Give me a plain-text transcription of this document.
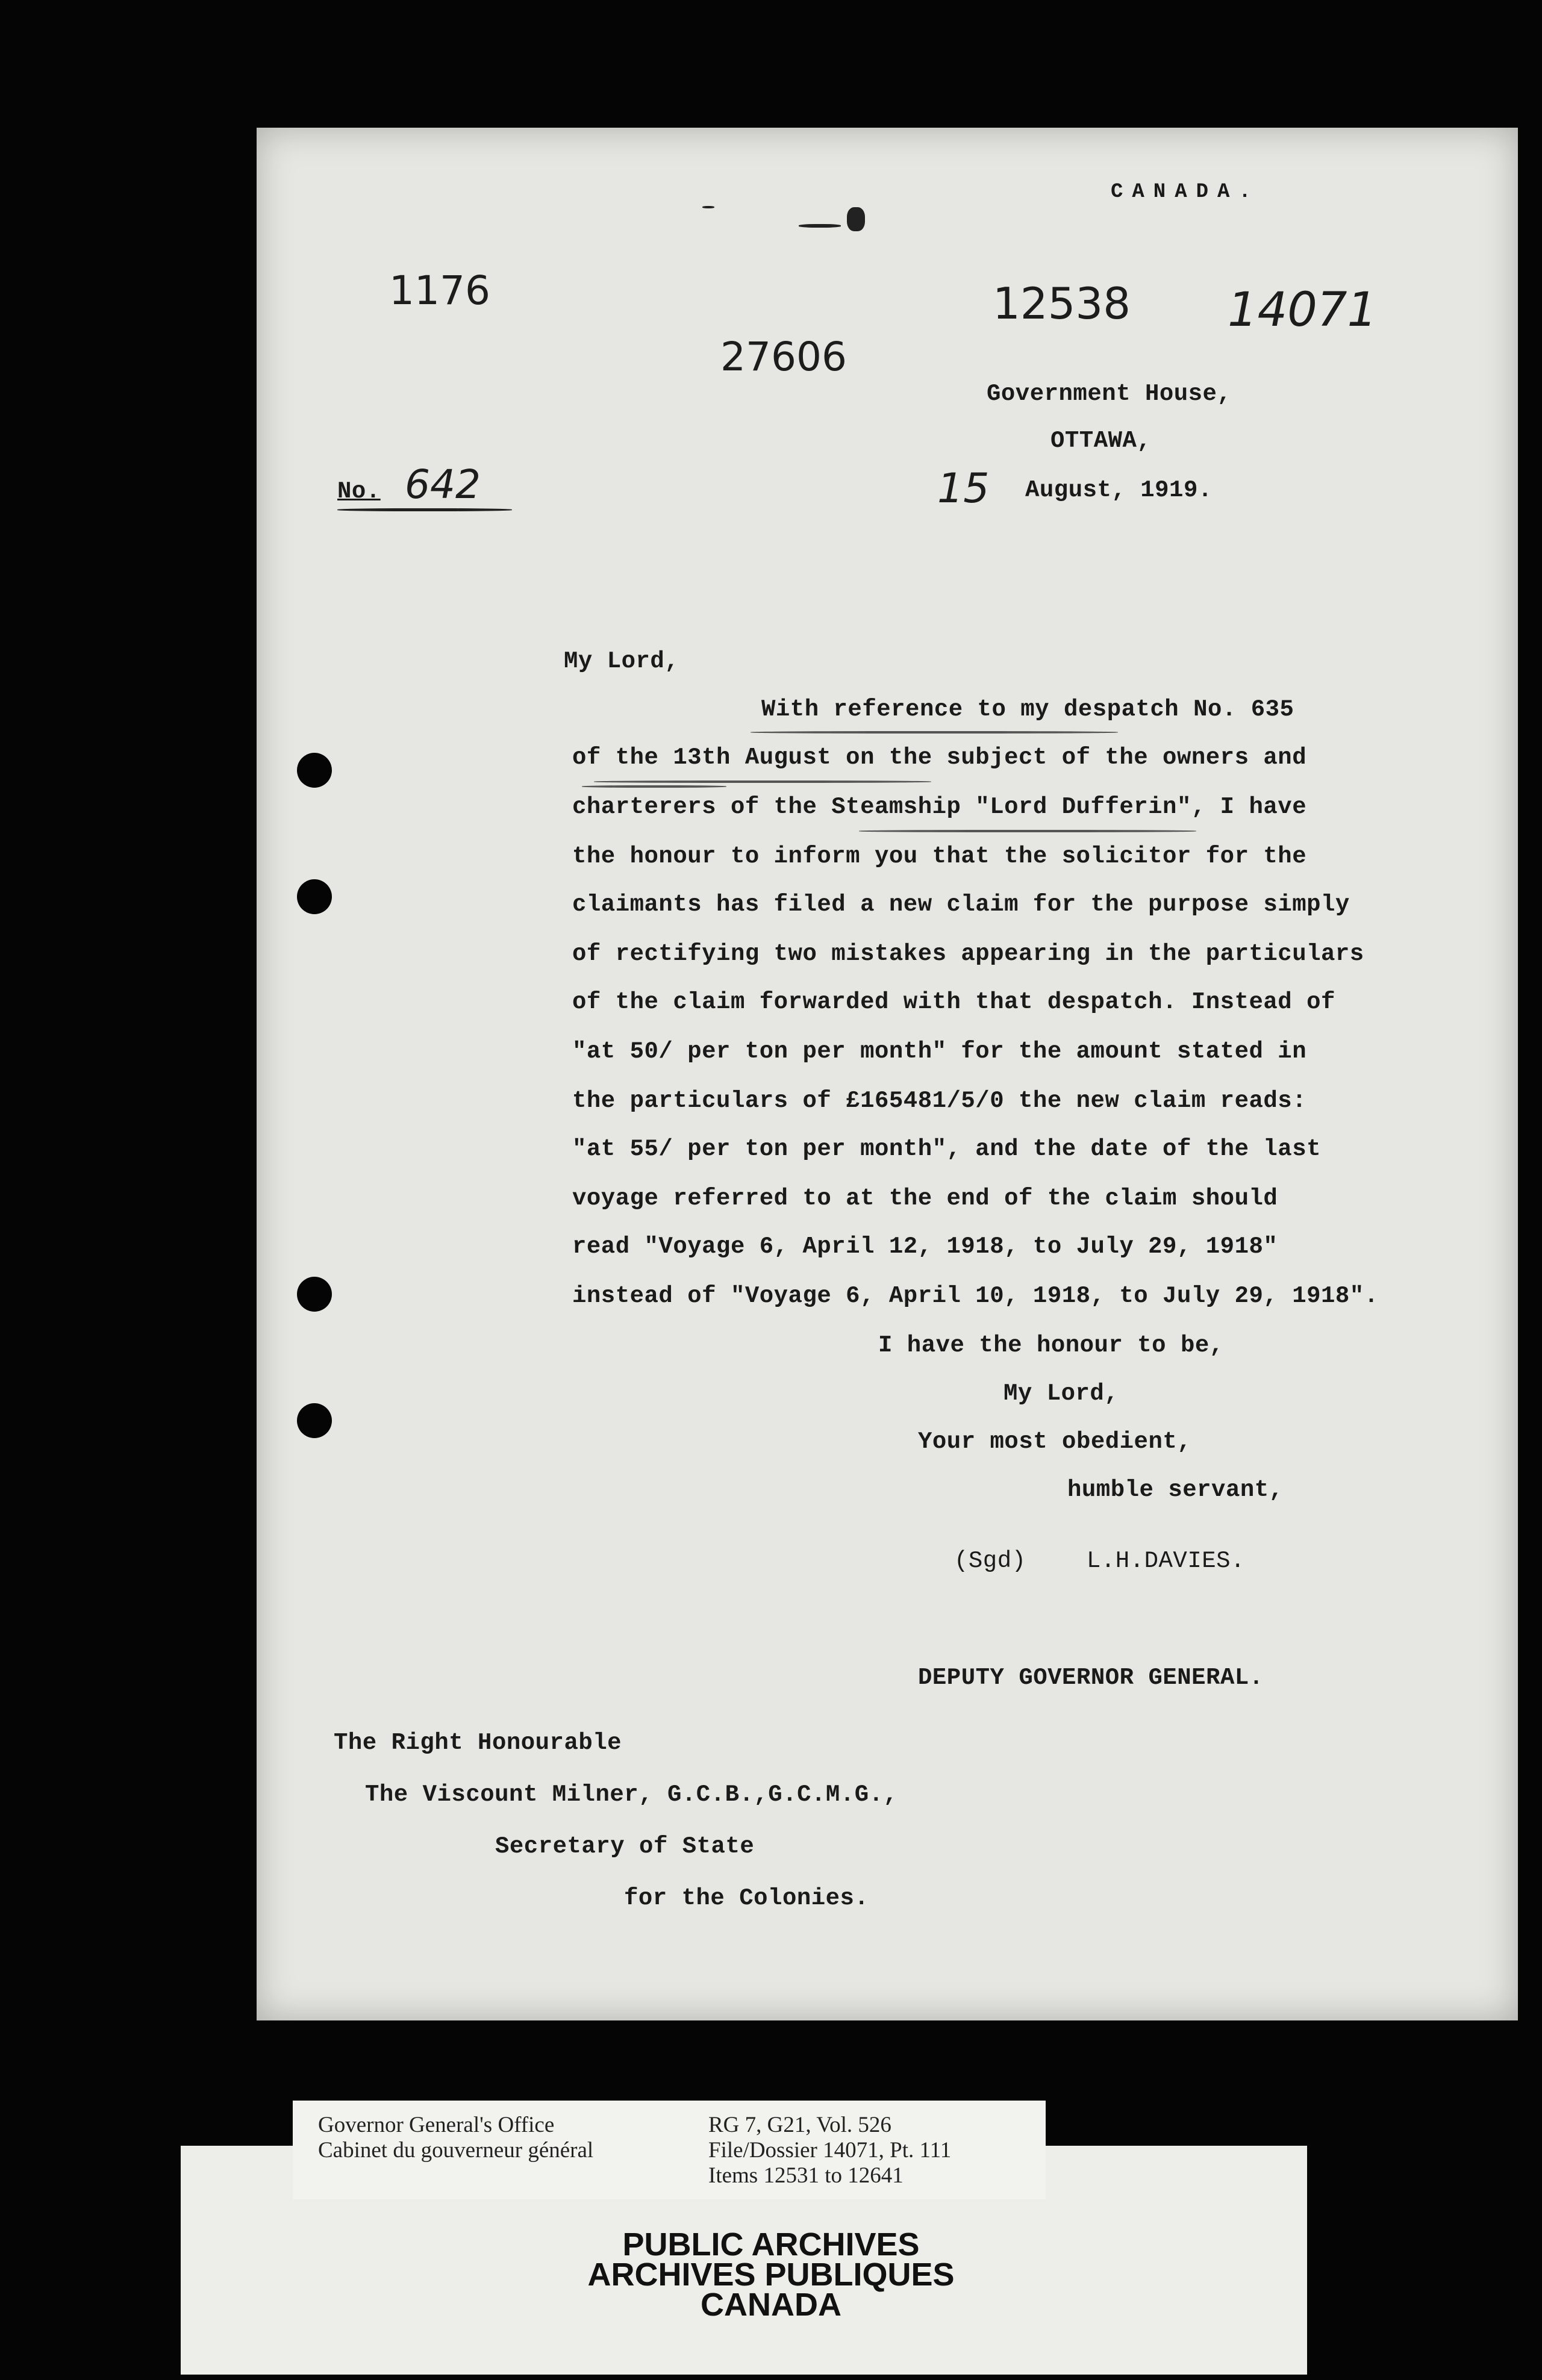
CANADA.
1176	12538 14071
27606
Government House,
OTTAWA,
15 August, 1919.
No. 642
My Lord,
With reference to my despatch No. 635
of the 13th August on the subject of the owners and
charterers of the Steamship "Lord Dufferin", I have
the honour to inform you that the solicitor for the
claimants has filed a new claim for the purpose simply
of rectifying two mistakes appearing in the particulars
of the claim forwarded with that despatch. Instead of
"at 50/ per ton per month" for the amount stated in
the particulars of £165481/5/0 the new claim reads:
"at 55/ per ton per month", and the date of the last
voyage referred to at the end of the claim should
read "Voyage 6, April 12, 1918, to July 29, 1918"
instead of "Voyage 6, April 10, 1918, to July 29, 1918".
I have the honour to be,
My Lord,
Your most obedient,
humble servant,
(Sgd)	L.H.DAVIES.
DEPUTY GOVERNOR GENERAL.
The Right Honourable
The Viscount Milner, G.C.B.,G.C.M.G.,
Secretary of State
for the Colonies.
PUBLIC ARCHIVES
ARCHIVES PUBLIQUES
CANADA
Governor General's Office
Cabinet du gouverneur général
RG 7, G21, Vol. 526
File/Dossier 14071, Pt. 111
Items 12531 to 12641
